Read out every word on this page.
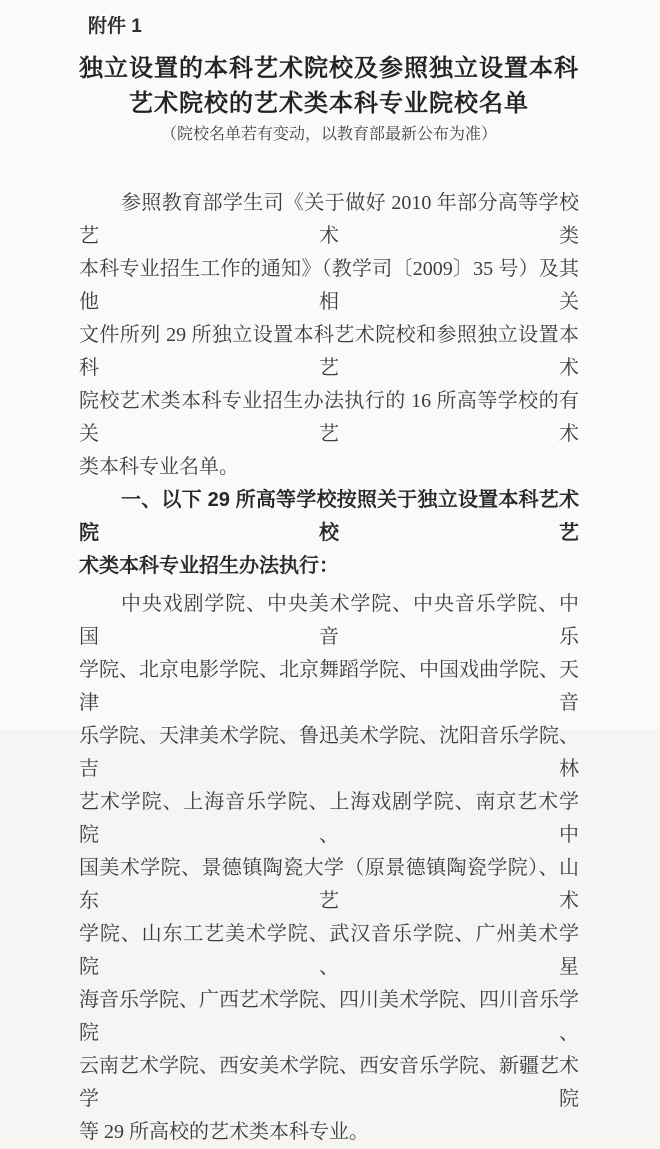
附件 1
独立设置的本科艺术院校及参照独立设置本科
艺术院校的艺术类本科专业院校名单
（院校名单若有变动，以教育部最新公布为准）
参照教育部学生司《关于做好 2010 年部分高等学校艺术类
本科专业招生工作的通知》（教学司〔2009〕35 号）及其他相关
文件所列 29 所独立设置本科艺术院校和参照独立设置本科艺术
院校艺术类本科专业招生办法执行的 16 所高等学校的有关艺术
类本科专业名单。
一、以下 29 所高等学校按照关于独立设置本科艺术院校艺
术类本科专业招生办法执行：
中央戏剧学院、中央美术学院、中央音乐学院、中国音乐
学院、北京电影学院、北京舞蹈学院、中国戏曲学院、天津音
乐学院、天津美术学院、鲁迅美术学院、沈阳音乐学院、吉林
艺术学院、上海音乐学院、上海戏剧学院、南京艺术学院、中
国美术学院、景德镇陶瓷大学（原景德镇陶瓷学院）、山东艺术
学院、山东工艺美术学院、武汉音乐学院、广州美术学院、星
海音乐学院、广西艺术学院、四川美术学院、四川音乐学院、
云南艺术学院、西安美术学院、西安音乐学院、新疆艺术学院
等 29 所高校的艺术类本科专业。
